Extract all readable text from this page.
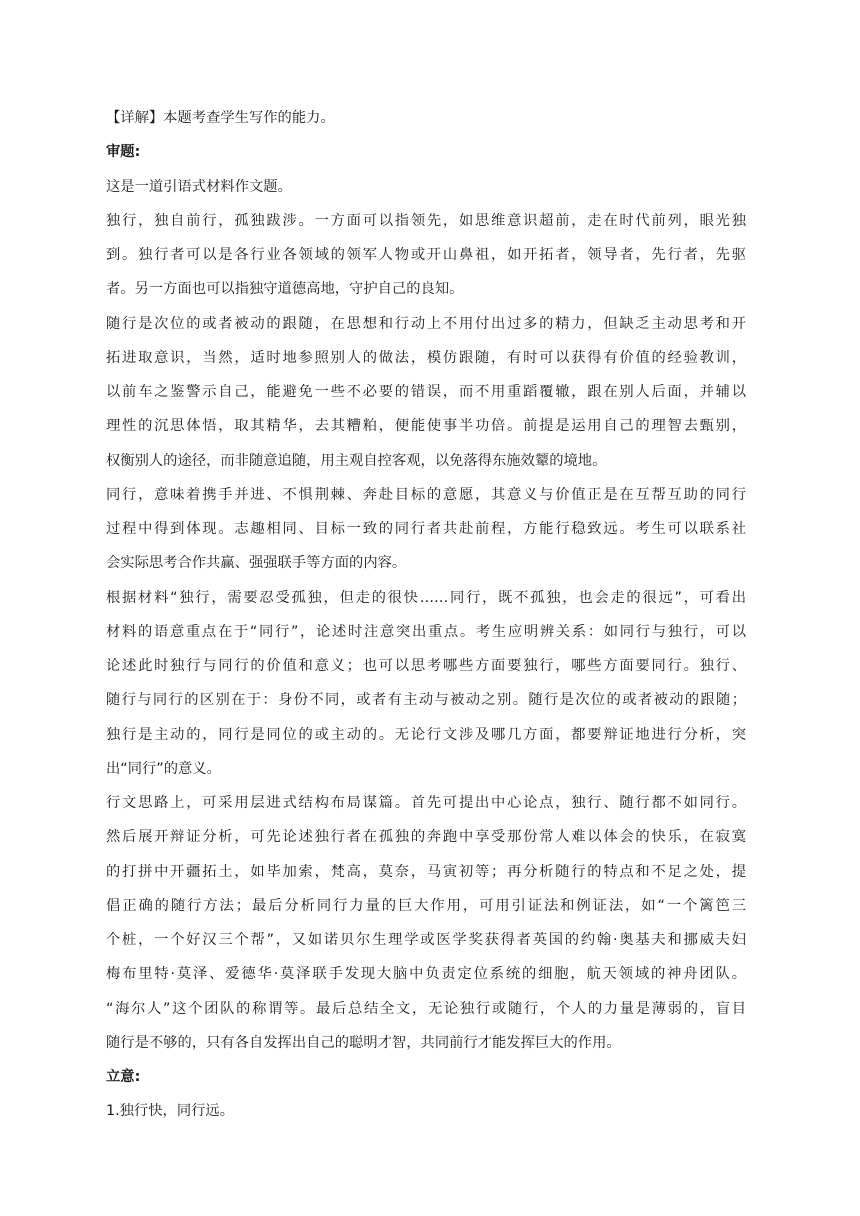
【详解】本题考查学生写作的能力。
审题:
这是一道引语式材料作文题。
独行，独自前行，孤独跋涉。一方面可以指领先，如思维意识超前，走在时代前列，眼光独
到。独行者可以是各行业各领域的领军人物或开山鼻祖，如开拓者，领导者，先行者，先驱
者。另一方面也可以指独守道德高地，守护自己的良知。
随行是次位的或者被动的跟随，在思想和行动上不用付出过多的精力，但缺乏主动思考和开
拓进取意识，当然，适时地参照别人的做法，模仿跟随，有时可以获得有价值的经验教训，
以前车之鉴警示自己，能避免一些不必要的错误，而不用重蹈覆辙，跟在别人后面，并辅以
理性的沉思体悟，取其精华，去其糟粕，便能使事半功倍。前提是运用自己的理智去甄别，
权衡别人的途径，而非随意追随，用主观自控客观，以免落得东施效颦的境地。
同行，意味着携手并进、不惧荆棘、奔赴目标的意愿，其意义与价值正是在互帮互助的同行
过程中得到体现。志趣相同、目标一致的同行者共赴前程，方能行稳致远。考生可以联系社
会实际思考合作共赢、强强联手等方面的内容。
根据材料“独行，需要忍受孤独，但走的很快……同行，既不孤独，也会走的很远”，可看出
材料的语意重点在于“同行”，论述时注意突出重点。考生应明辨关系：如同行与独行，可以
论述此时独行与同行的价值和意义；也可以思考哪些方面要独行，哪些方面要同行。独行、
随行与同行的区别在于：身份不同，或者有主动与被动之别。随行是次位的或者被动的跟随；
独行是主动的，同行是同位的或主动的。无论行文涉及哪几方面，都要辩证地进行分析，突
出“同行”的意义。
行文思路上，可采用层进式结构布局谋篇。首先可提出中心论点，独行、随行都不如同行。
然后展开辩证分析，可先论述独行者在孤独的奔跑中享受那份常人难以体会的快乐，在寂寞
的打拼中开疆拓土，如毕加索，梵高，莫奈，马寅初等；再分析随行的特点和不足之处，提
倡正确的随行方法；最后分析同行力量的巨大作用，可用引证法和例证法，如“一个篱笆三
个桩，一个好汉三个帮”，又如诺贝尔生理学或医学奖获得者英国的约翰·奥基夫和挪威夫妇
梅布里特·莫泽、爱德华·莫泽联手发现大脑中负责定位系统的细胞，航天领域的神舟团队。
“海尔人”这个团队的称谓等。最后总结全文，无论独行或随行，个人的力量是薄弱的，盲目
随行是不够的，只有各自发挥出自己的聪明才智，共同前行才能发挥巨大的作用。
立意:
1.独行快，同行远。
